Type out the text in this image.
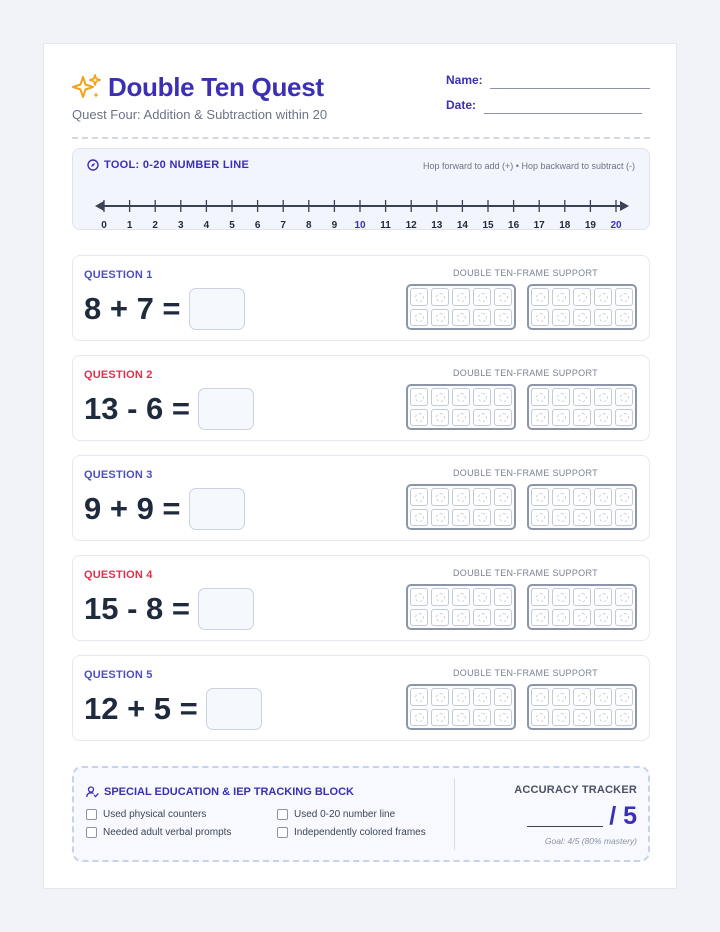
Double Ten Quest
Quest Four: Addition & Subtraction within 20
Name:
Date:
TOOL: 0-20 NUMBER LINE	Hop forward to add (+) • Hop backward to subtract (-)
0 1 2 3 4 5 6 7 8 9 10 11 12 13 14 15 16 17 18 19 20
QUESTION 1
8 + 7 =
DOUBLE TEN-FRAME SUPPORT
QUESTION 2
13 - 6 =
DOUBLE TEN-FRAME SUPPORT
QUESTION 3
9 + 9 =
DOUBLE TEN-FRAME SUPPORT
QUESTION 4
15 - 8 =
DOUBLE TEN-FRAME SUPPORT
QUESTION 5
12 + 5 =
DOUBLE TEN-FRAME SUPPORT
SPECIAL EDUCATION & IEP TRACKING BLOCK
Used physical counters	Used 0-20 number line
Needed adult verbal prompts	Independently colored frames
ACCURACY TRACKER
/ 5
Goal: 4/5 (80% mastery)
